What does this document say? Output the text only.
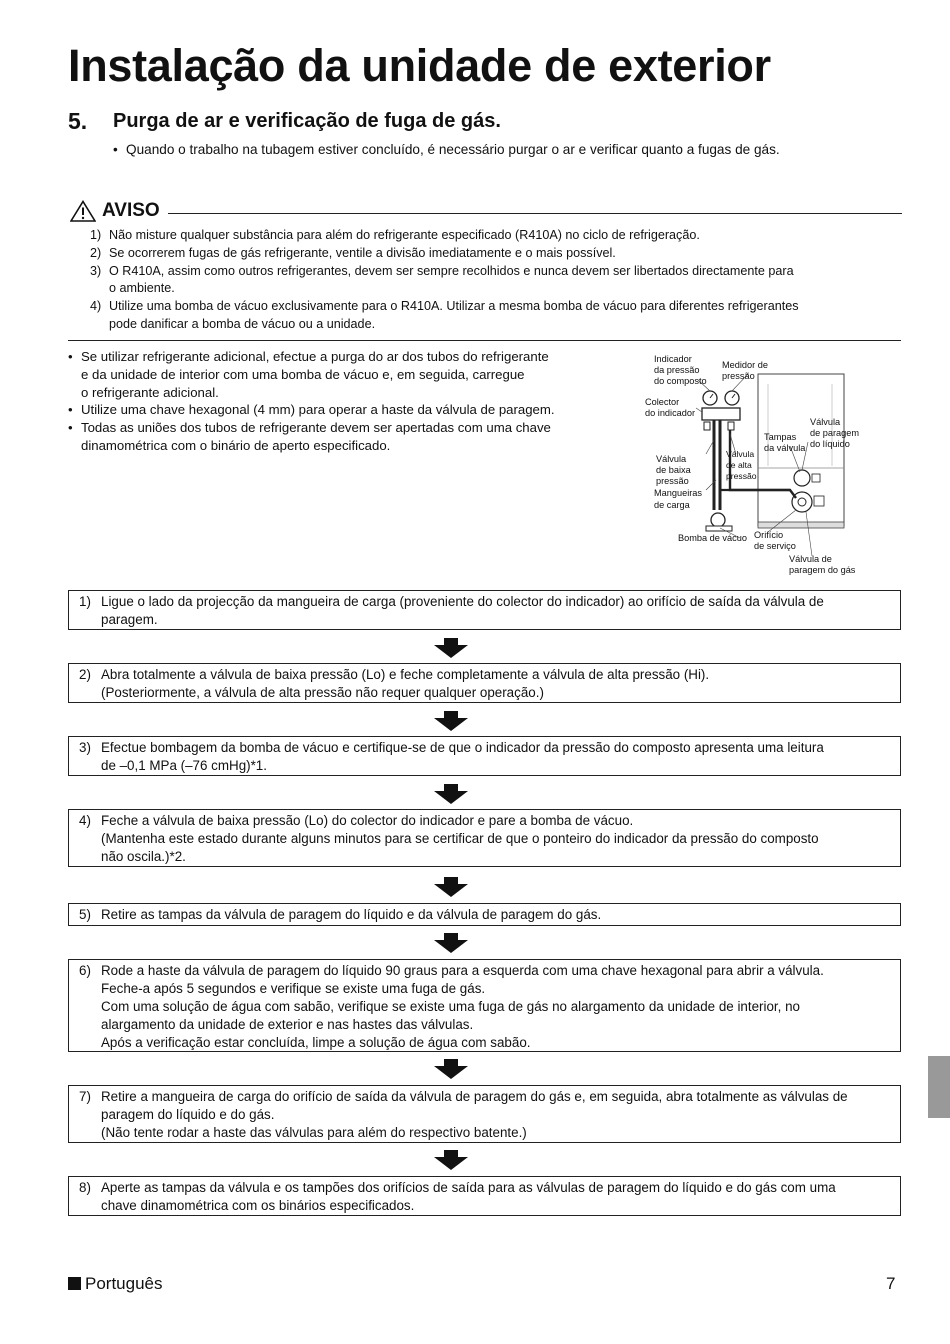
Instalação da unidade de exterior
5. Purga de ar e verificação de fuga de gás.
• Quando o trabalho na tubagem estiver concluído, é necessário purgar o ar e verificar quanto a fugas de gás.
AVISO
1) Não misture qualquer substância para além do refrigerante especificado (R410A) no ciclo de refrigeração.
2) Se ocorrerem fugas de gás refrigerante, ventile a divisão imediatamente e o mais possível.
3) O R410A, assim como outros refrigerantes, devem ser sempre recolhidos e nunca devem ser libertados directamente para
o ambiente.
4) Utilize uma bomba de vácuo exclusivamente para o R410A. Utilizar a mesma bomba de vácuo para diferentes refrigerantes
pode danificar a bomba de vácuo ou a unidade.
• Se utilizar refrigerante adicional, efectue a purga do ar dos tubos do refrigerante
e da unidade de interior com uma bomba de vácuo e, em seguida, carregue
o refrigerante adicional.
• Utilize uma chave hexagonal (4 mm) para operar a haste da válvula de paragem.
• Todas as uniões dos tubos de refrigerante devem ser apertadas com uma chave
dinamométrica com o binário de aperto especificado.
Indicador da pressão do composto
Medidor de pressão
Colector do indicador
Válvula de paragem do líquido
Tampas da válvula
Válvula de baixa pressão
Válvula de alta pressão
Mangueiras de carga
Bomba de vácuo Orifício de serviço
Válvula de paragem do gás
1) Ligue o lado da projecção da mangueira de carga (proveniente do colector do indicador) ao orifício de saída da válvula de
paragem.
2) Abra totalmente a válvula de baixa pressão (Lo) e feche completamente a válvula de alta pressão (Hi).
(Posteriormente, a válvula de alta pressão não requer qualquer operação.)
3) Efectue bombagem da bomba de vácuo e certifique-se de que o indicador da pressão do composto apresenta uma leitura
de –0,1 MPa (–76 cmHg)*1.
4) Feche a válvula de baixa pressão (Lo) do colector do indicador e pare a bomba de vácuo.
(Mantenha este estado durante alguns minutos para se certificar de que o ponteiro do indicador da pressão do composto
não oscila.)*2.
5) Retire as tampas da válvula de paragem do líquido e da válvula de paragem do gás.
6) Rode a haste da válvula de paragem do líquido 90 graus para a esquerda com uma chave hexagonal para abrir a válvula.
Feche-a após 5 segundos e verifique se existe uma fuga de gás.
Com uma solução de água com sabão, verifique se existe uma fuga de gás no alargamento da unidade de interior, no
alargamento da unidade de exterior e nas hastes das válvulas.
Após a verificação estar concluída, limpe a solução de água com sabão.
7) Retire a mangueira de carga do orifício de saída da válvula de paragem do gás e, em seguida, abra totalmente as válvulas de
paragem do líquido e do gás.
(Não tente rodar a haste das válvulas para além do respectivo batente.)
8) Aperte as tampas da válvula e os tampões dos orifícios de saída para as válvulas de paragem do líquido e do gás com uma
chave dinamométrica com os binários especificados.
Português	7
